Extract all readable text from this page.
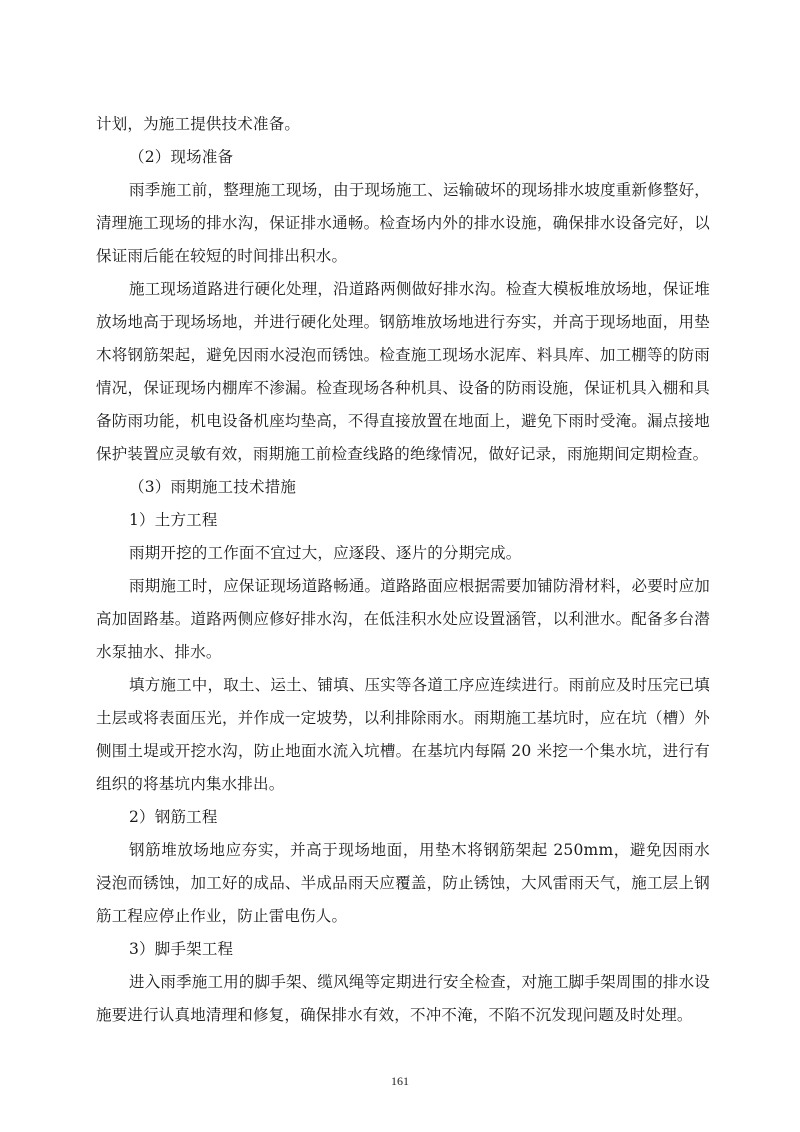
计划，为施工提供技术准备。

（2）现场准备

雨季施工前，整理施工现场，由于现场施工、运输破坏的现场排水坡度重新修整好，清理施工现场的排水沟，保证排水通畅。检查场内外的排水设施，确保排水设备完好，以保证雨后能在较短的时间排出积水。

施工现场道路进行硬化处理，沿道路两侧做好排水沟。检查大模板堆放场地，保证堆放场地高于现场场地，并进行硬化处理。钢筋堆放场地进行夯实，并高于现场地面，用垫木将钢筋架起，避免因雨水浸泡而锈蚀。检查施工现场水泥库、料具库、加工棚等的防雨情况，保证现场内棚库不渗漏。检查现场各种机具、设备的防雨设施，保证机具入棚和具备防雨功能，机电设备机座均垫高，不得直接放置在地面上，避免下雨时受淹。漏点接地保护装置应灵敏有效，雨期施工前检查线路的绝缘情况，做好记录，雨施期间定期检查。

（3）雨期施工技术措施

1）土方工程

雨期开挖的工作面不宜过大，应逐段、逐片的分期完成。

雨期施工时，应保证现场道路畅通。道路路面应根据需要加铺防滑材料，必要时应加高加固路基。道路两侧应修好排水沟，在低洼积水处应设置涵管，以利泄水。配备多台潜水泵抽水、排水。

填方施工中，取土、运土、铺填、压实等各道工序应连续进行。雨前应及时压完已填土层或将表面压光，并作成一定坡势，以利排除雨水。雨期施工基坑时，应在坑（槽）外侧围土堤或开挖水沟，防止地面水流入坑槽。在基坑内每隔 20 米挖一个集水坑，进行有组织的将基坑内集水排出。

2）钢筋工程

钢筋堆放场地应夯实，并高于现场地面，用垫木将钢筋架起 250mm，避免因雨水浸泡而锈蚀，加工好的成品、半成品雨天应覆盖，防止锈蚀，大风雷雨天气，施工层上钢筋工程应停止作业，防止雷电伤人。

3）脚手架工程

进入雨季施工用的脚手架、缆风绳等定期进行安全检查，对施工脚手架周围的排水设施要进行认真地清理和修复，确保排水有效，不冲不淹，不陷不沉发现问题及时处理。

161
